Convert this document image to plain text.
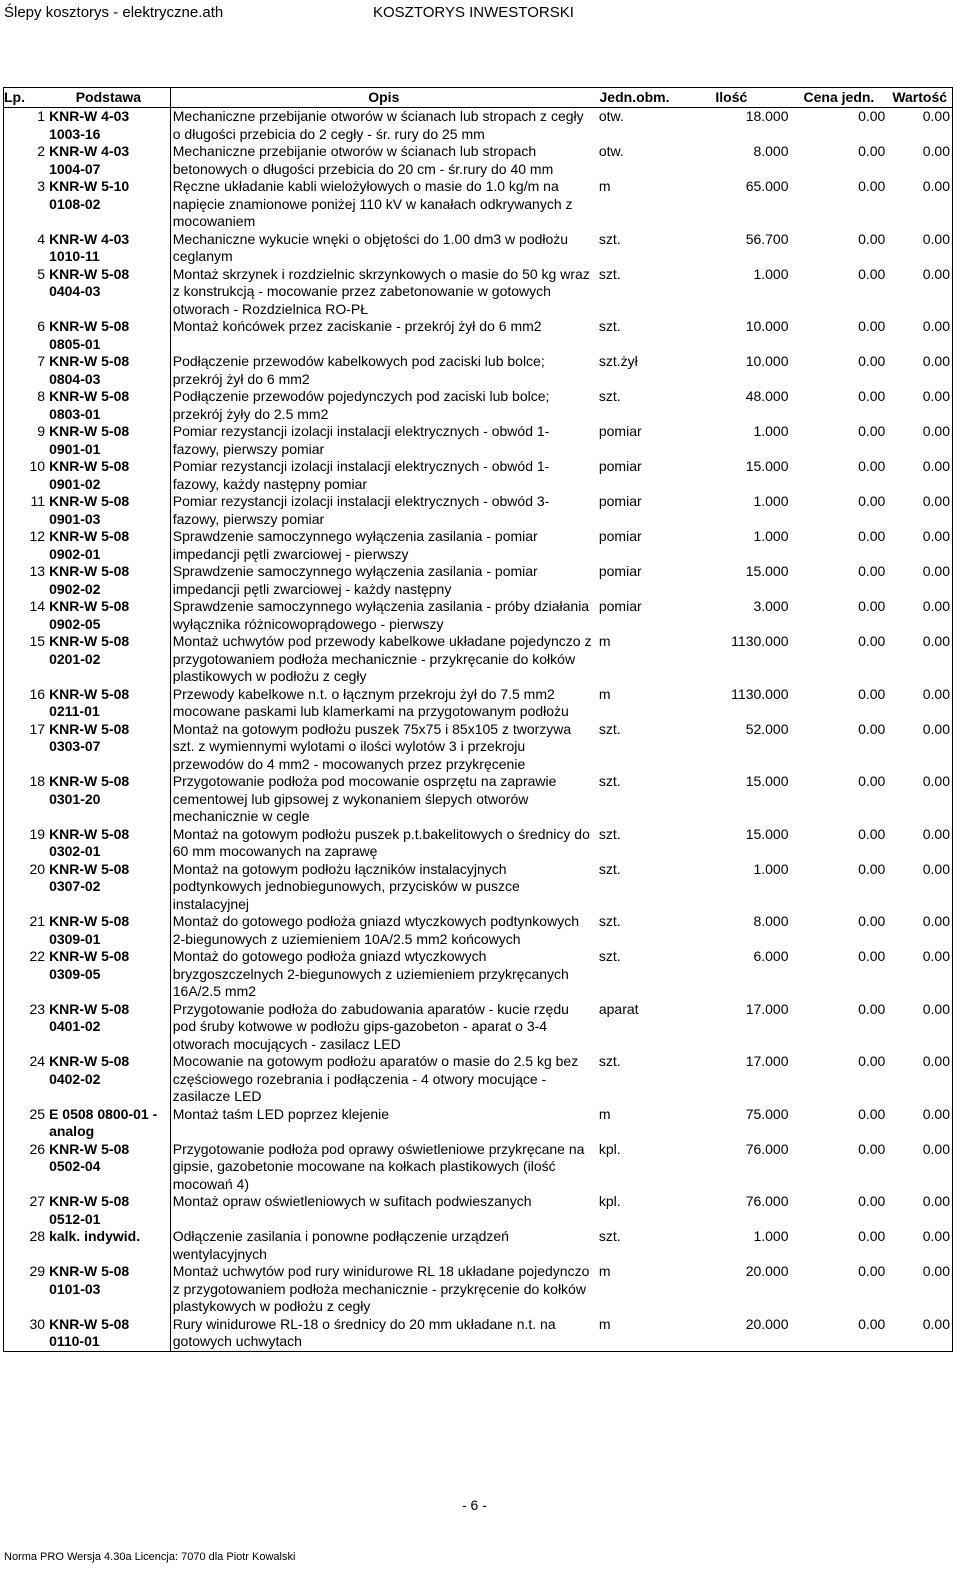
Ślepy kosztorys - elektryczne.ath	KOSZTORYS INWESTORSKI
Lp.	Podstawa	Opis	Jedn.obm.	Ilość	Cena jedn.	Wartość
1	KNR-W 4-03 1003-16	Mechaniczne przebijanie otworów w ścianach lub stropach z cegły o długości przebicia do 2 cegły - śr. rury do 25 mm	otw.	18.000	0.00	0.00
2	KNR-W 4-03 1004-07	Mechaniczne przebijanie otworów w ścianach lub stropach betonowych o długości przebicia do 20 cm - śr.rury do 40 mm	otw.	8.000	0.00	0.00
3	KNR-W 5-10 0108-02	Ręczne układanie kabli wielożyłowych o masie do 1.0 kg/m na napięcie znamionowe poniżej 110 kV w kanałach odkrywanych z mocowaniem	m	65.000	0.00	0.00
4	KNR-W 4-03 1010-11	Mechaniczne wykucie wnęki o objętości do 1.00 dm3 w podłożu ceglanym	szt.	56.700	0.00	0.00
5	KNR-W 5-08 0404-03	Montaż skrzynek i rozdzielnic skrzynkowych o masie do 50 kg wraz z konstrukcją - mocowanie przez zabetonowanie w gotowych otworach - Rozdzielnica RO-PŁ	szt.	1.000	0.00	0.00
6	KNR-W 5-08 0805-01	Montaż końcówek przez zaciskanie - przekrój żył do 6 mm2	szt.	10.000	0.00	0.00
7	KNR-W 5-08 0804-03	Podłączenie przewodów kabelkowych pod zaciski lub bolce; przekrój żył do 6 mm2	szt.żył	10.000	0.00	0.00
8	KNR-W 5-08 0803-01	Podłączenie przewodów pojedynczych pod zaciski lub bolce; przekrój żyły do 2.5 mm2	szt.	48.000	0.00	0.00
9	KNR-W 5-08 0901-01	Pomiar rezystancji izolacji instalacji elektrycznych - obwód 1-fazowy, pierwszy pomiar	pomiar	1.000	0.00	0.00
10	KNR-W 5-08 0901-02	Pomiar rezystancji izolacji instalacji elektrycznych - obwód 1-fazowy, każdy następny pomiar	pomiar	15.000	0.00	0.00
11	KNR-W 5-08 0901-03	Pomiar rezystancji izolacji instalacji elektrycznych - obwód 3-fazowy, pierwszy pomiar	pomiar	1.000	0.00	0.00
12	KNR-W 5-08 0902-01	Sprawdzenie samoczynnego wyłączenia zasilania - pomiar impedancji pętli zwarciowej - pierwszy	pomiar	1.000	0.00	0.00
13	KNR-W 5-08 0902-02	Sprawdzenie samoczynnego wyłączenia zasilania - pomiar impedancji pętli zwarciowej - każdy następny	pomiar	15.000	0.00	0.00
14	KNR-W 5-08 0902-05	Sprawdzenie samoczynnego wyłączenia zasilania - próby działania wyłącznika różnicowoprądowego - pierwszy	pomiar	3.000	0.00	0.00
15	KNR-W 5-08 0201-02	Montaż uchwytów pod przewody kabelkowe układane pojedynczo z przygotowaniem podłoża mechanicznie - przykręcanie do kołków plastikowych w podłożu z cegły	m	1130.000	0.00	0.00
16	KNR-W 5-08 0211-01	Przewody kabelkowe n.t. o łącznym przekroju żył do 7.5 mm2 mocowane paskami lub klamerkami na przygotowanym podłożu	m	1130.000	0.00	0.00
17	KNR-W 5-08 0303-07	Montaż na gotowym podłożu puszek 75x75 i 85x105 z tworzywa szt. z wymiennymi wylotami o ilości wylotów 3 i przekroju przewodów do 4 mm2 - mocowanych przez przykręcenie	szt.	52.000	0.00	0.00
18	KNR-W 5-08 0301-20	Przygotowanie podłoża pod mocowanie osprzętu na zaprawie cementowej lub gipsowej z wykonaniem ślepych otworów mechanicznie w cegle	szt.	15.000	0.00	0.00
19	KNR-W 5-08 0302-01	Montaż na gotowym podłożu puszek p.t.bakelitowych o średnicy do 60 mm mocowanych na zaprawę	szt.	15.000	0.00	0.00
20	KNR-W 5-08 0307-02	Montaż na gotowym podłożu łączników instalacyjnych podtynkowych jednobiegunowych, przycisków w puszce instalacyjnej	szt.	1.000	0.00	0.00
21	KNR-W 5-08 0309-01	Montaż do gotowego podłoża gniazd wtyczkowych podtynkowych 2-biegunowych z uziemieniem 10A/2.5 mm2 końcowych	szt.	8.000	0.00	0.00
22	KNR-W 5-08 0309-05	Montaż do gotowego podłoża gniazd wtyczkowych bryzgoszczelnych 2-biegunowych z uziemieniem przykręcanych 16A/2.5 mm2	szt.	6.000	0.00	0.00
23	KNR-W 5-08 0401-02	Przygotowanie podłoża do zabudowania aparatów - kucie rzędu pod śruby kotwowe w podłożu gips-gazobeton - aparat o 3-4 otworach mocujących - zasilacz LED	aparat	17.000	0.00	0.00
24	KNR-W 5-08 0402-02	Mocowanie na gotowym podłożu aparatów o masie do 2.5 kg bez częściowego rozebrania i podłączenia - 4 otwory mocujące - zasilacze LED	szt.	17.000	0.00	0.00
25	E 0508 0800-01 - analog	Montaż taśm LED poprzez klejenie	m	75.000	0.00	0.00
26	KNR-W 5-08 0502-04	Przygotowanie podłoża pod oprawy oświetleniowe przykręcane na gipsie, gazobetonie mocowane na kołkach plastikowych (ilość mocowań 4)	kpl.	76.000	0.00	0.00
27	KNR-W 5-08 0512-01	Montaż opraw oświetleniowych w sufitach podwieszanych	kpl.	76.000	0.00	0.00
28	kalk. indywid.	Odłączenie zasilania i ponowne podłączenie urządzeń wentylacyjnych	szt.	1.000	0.00	0.00
29	KNR-W 5-08 0101-03	Montaż uchwytów pod rury winidurowe RL 18 układane pojedynczo z przygotowaniem podłoża mechanicznie - przykręcenie do kołków plastykowych w podłożu z cegły	m	20.000	0.00	0.00
30	KNR-W 5-08 0110-01	Rury winidurowe RL-18 o średnicy do 20 mm układane n.t. na gotowych uchwytach	m	20.000	0.00	0.00
- 6 -
Norma PRO Wersja 4.30a Licencja: 7070 dla Piotr Kowalski
